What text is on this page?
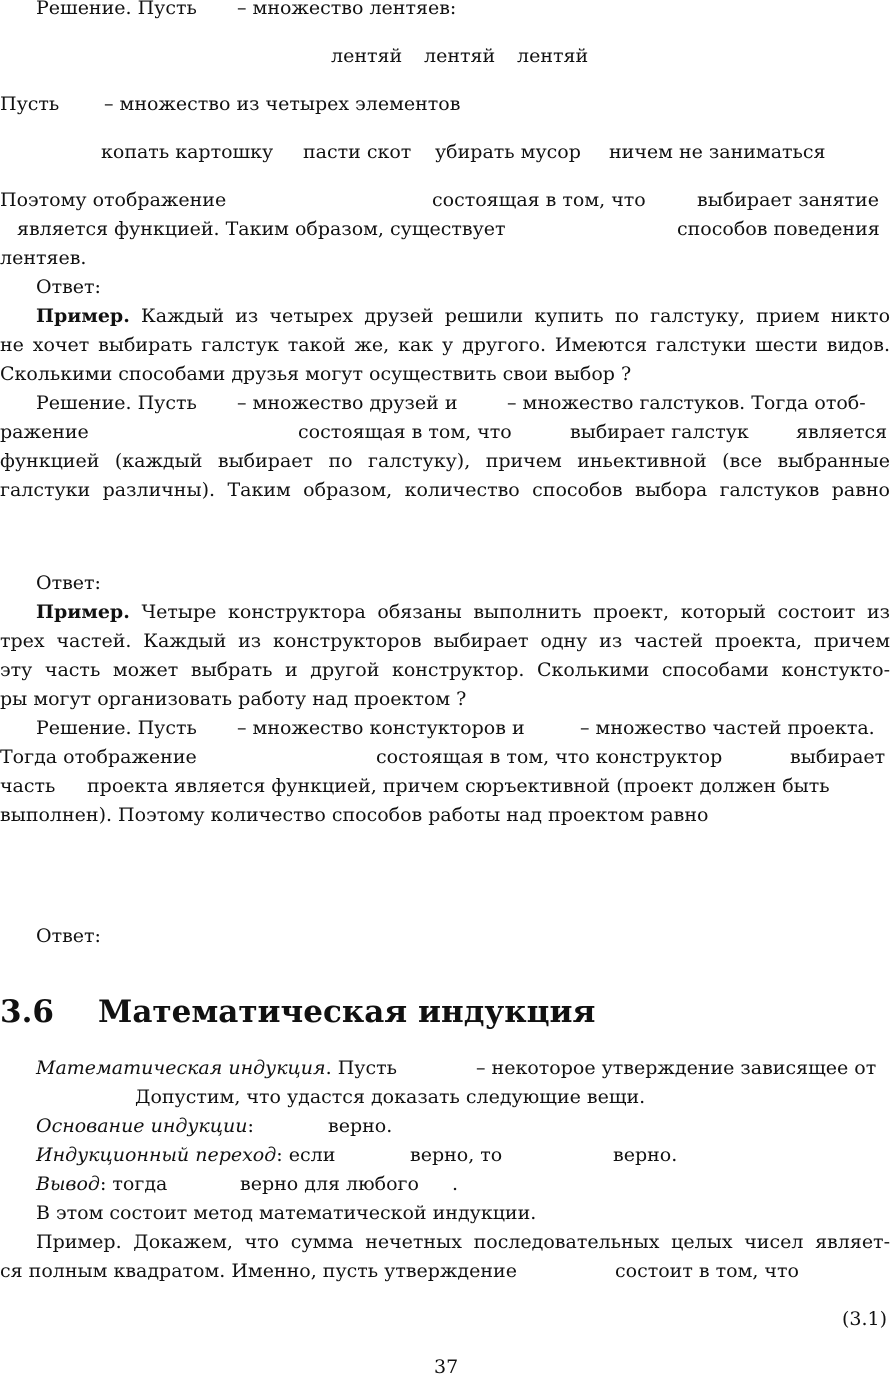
Решение. Пусть – множество лентяев:
лентяй лентяй лентяй
Пусть – множество из четырех элементов
копать картошку пасти скот убирать мусор ничем не заниматься
Поэтому отображение	состоящая в том, что	выбирает занятие
является функцией. Таким образом, существует	способов поведения
лентяев.
Ответ:
Пример. Каждый из четырех друзей решили купить по галстуку, прием никто
не хочет выбирать галстук такой же, как у другого. Имеются галстуки шести видов.
Сколькими способами друзья могут осуществить свои выбор ?
Решение. Пусть – множество друзей и	– множество галстуков. Тогда отоб-
ражение	состоящая в том, что	выбирает галстук является
функцией (каждый выбирает по галстуку), причем иньективной (все выбранные
галстуки различны). Таким образом, количество способов выбора галстуков равно
Ответ:
Пример. Четыре конструктора обязаны выполнить проект, который состоит из
трех частей. Каждый из конструкторов выбирает одну из частей проекта, причем
эту часть может выбрать и другой конструктор. Сколькими способами констукто-
ры могут организовать работу над проектом ?
Решение. Пусть – множество констукторов и	– множество частей проекта.
Тогда отображение	состоящая в том, что конструктор	выбирает
часть проекта является функцией, причем сюръективной (проект должен быть
выполнен). Поэтому количество способов работы над проектом равно
Ответ:
3.6 Математическая индукция
Математическая индукция. Пусть	– некоторое утверждение зависящее от
Допустим, что удастся доказать следующие вещи.
Основание индукции:	верно.
Индукционный переход: если	верно, то	верно.
Вывод: тогда	верно для любого .
В этом состоит метод математической индукции.
Пример. Докажем, что сумма нечетных последовательных целых чисел являет-
ся полным квадратом. Именно, пусть утверждение	состоит в том, что
(3.1)
37
